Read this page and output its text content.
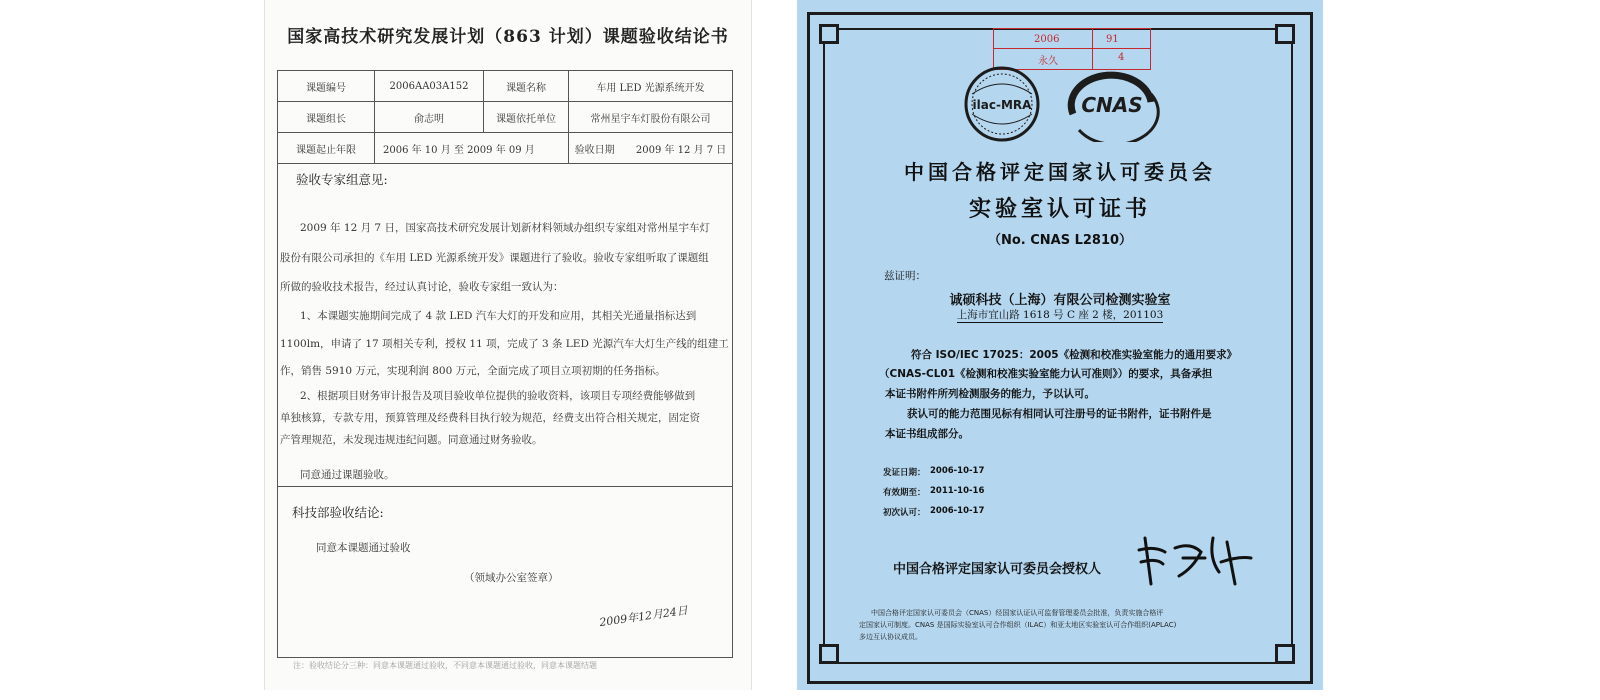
国家高技术研究发展计划（863 计划）课题验收结论书
课题编号	2006AA03A152	课题名称	车用 LED 光源系统开发
课题组长	俞志明	课题依托单位	常州星宇车灯股份有限公司
课题起止年限	2006 年 10 月 至 2009 年 09 月		验收日期 2009 年 12 月 7 日
验收专家组意见:
2009 年 12 月 7 日，国家高技术研究发展计划新材料领域办组织专家组对常州星宇车灯
股份有限公司承担的《车用 LED 光源系统开发》课题进行了验收。验收专家组听取了课题组
所做的验收技术报告，经过认真讨论，验收专家组一致认为：
1、本课题实施期间完成了 4 款 LED 汽车大灯的开发和应用，其相关光通量指标达到
1100lm，申请了 17 项相关专利，授权 11 项，完成了 3 条 LED 光源汽车大灯生产线的组建工
作，销售 5910 万元，实现利润 800 万元，全面完成了项目立项初期的任务指标。
2、根据项目财务审计报告及项目验收单位提供的验收资料，该项目专项经费能够做到
单独核算，专款专用，预算管理及经费科目执行较为规范，经费支出符合相关规定，固定资
产管理规范，未发现违规违纪问题。同意通过财务验收。
同意通过课题验收。
科技部验收结论:
同意本课题通过验收
（领域办公室签章）
2009年12月24日
注：验收结论分三种：同意本课题通过验收，不同意本课题通过验收，同意本课题结题
2006	91
永久	4
ilac-MRA CNAS
中国合格评定国家认可委员会
实验室认可证书
（No. CNAS L2810）
兹证明：
诚硕科技（上海）有限公司检测实验室
上海市宜山路 1618 号 C 座 2 楼，201103
符合 ISO/IEC 17025：2005《检测和校准实验室能力的通用要求》
（CNAS-CL01《检测和校准实验室能力认可准则》）的要求，具备承担
本证书附件所列检测服务的能力，予以认可。
获认可的能力范围见标有相同认可注册号的证书附件，证书附件是
本证书组成部分。
发证日期： 2006-10-17
有效期至： 2011-10-16
初次认可： 2006-10-17
中国合格评定国家认可委员会授权人
中国合格评定国家认可委员会（CNAS）经国家认证认可监督管理委员会批准，负责实施合格评
定国家认可制度。CNAS 是国际实验室认可合作组织（ILAC）和亚太地区实验室认可合作组织(APLAC)
多边互认协议成员。
